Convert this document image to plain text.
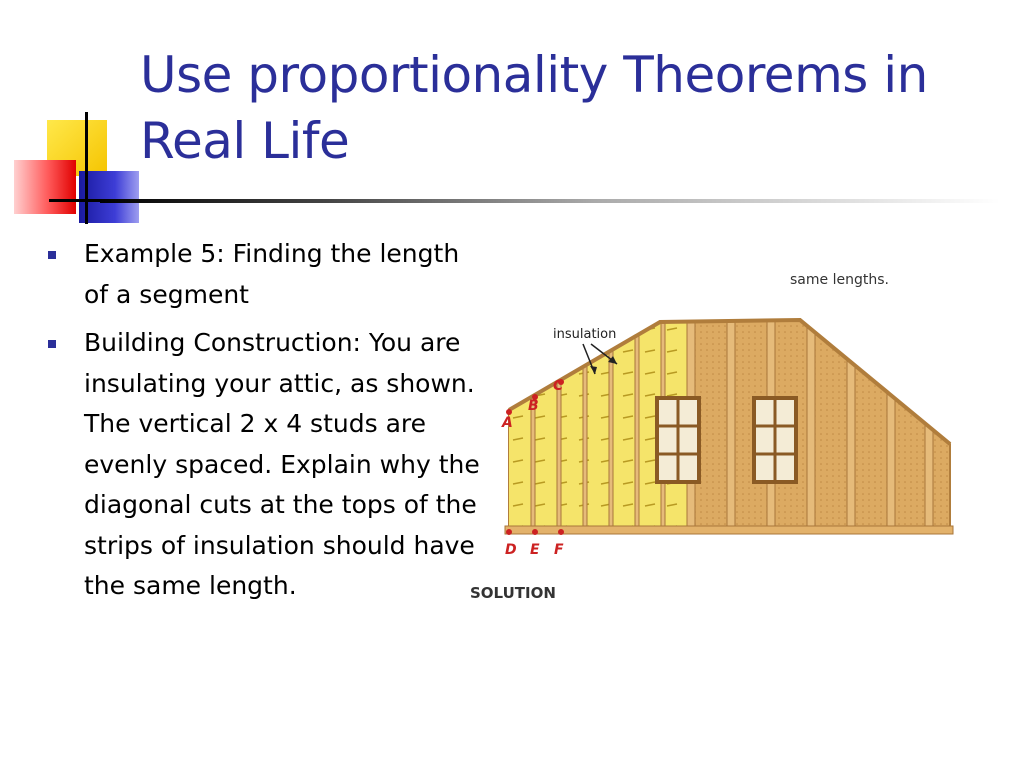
Use proportionality Theorems in Real Life
Example 5: Finding the length of a segment
Building Construction: You are insulating your attic, as shown. The vertical 2 x 4 studs are evenly spaced. Explain why the diagonal cuts at the tops of the strips of insulation should have the same length.
same lengths.
insulation
A
B
C
D E F
SOLUTION
